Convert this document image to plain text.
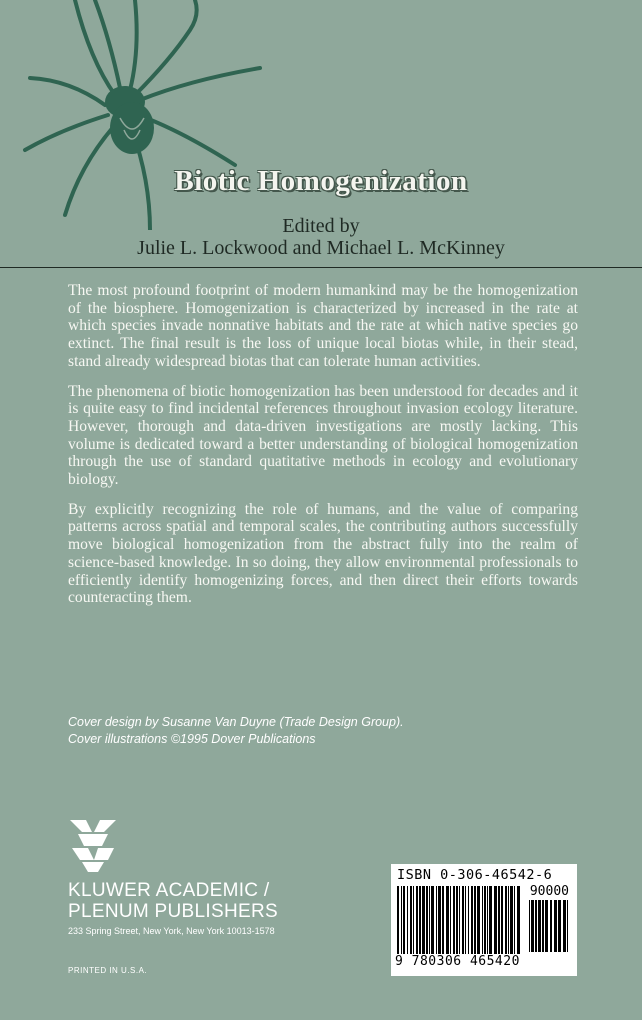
Biotic Homogenization
Edited by
Julie L. Lockwood and Michael L. McKinney

The most profound footprint of modern humankind may be the homogenization of the biosphere. Homogenization is characterized by increased in the rate at which species invade nonnative habitats and the rate at which native species go extinct. The final result is the loss of unique local biotas while, in their stead, stand already widespread biotas that can tolerate human activities.

The phenomena of biotic homogenization has been understood for decades and it is quite easy to find incidental references throughout invasion ecology literature. However, thorough and data-driven investigations are mostly lacking. This volume is dedicated toward a better understanding of biological homogenization through the use of standard quatitative methods in ecology and evolutionary biology.

By explicitly recognizing the role of humans, and the value of comparing patterns across spatial and temporal scales, the contributing authors successfully move biological homogenization from the abstract fully into the realm of science-based knowledge. In so doing, they allow environmental professionals to efficiently identify homogenizing forces, and then direct their efforts towards counteracting them.

Cover design by Susanne Van Duyne (Trade Design Group).
Cover illustrations ©1995 Dover Publications
KLUWER ACADEMIC /
PLENUM PUBLISHERS
233 Spring Street, New York, New York 10013-1578
PRINTED IN U.S.A.
ISBN 0-306-46542-6
90000
9 780306 465420
